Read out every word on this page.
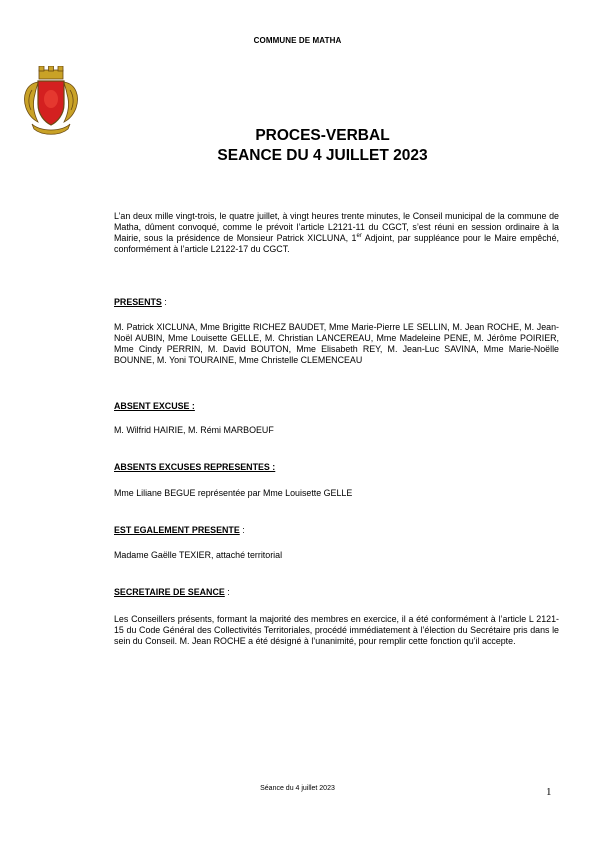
COMMUNE DE MATHA
PROCES-VERBAL
SEANCE DU 4 JUILLET 2023
L’an deux mille vingt-trois, le quatre juillet, à vingt heures trente minutes, le Conseil municipal de la commune de Matha, dûment convoqué, comme le prévoit l’article L2121-11 du CGCT, s’est réuni en session ordinaire à la Mairie, sous la présidence de Monsieur Patrick XICLUNA, 1er Adjoint, par suppléance pour le Maire empêché, conformément à l’article L2122-17 du CGCT.
PRESENTS :
M. Patrick XICLUNA, Mme Brigitte RICHEZ BAUDET, Mme Marie-Pierre LE SELLIN, M. Jean ROCHE, M. Jean-Noël AUBIN, Mme Louisette GELLE, M. Christian LANCEREAU, Mme Madeleine PENE, M. Jérôme POIRIER, Mme Cindy PERRIN, M. David BOUTON, Mme Elisabeth REY, M. Jean-Luc SAVINA, Mme Marie-Noëlle BOUNNE, M. Yoni TOURAINE, Mme Christelle CLEMENCEAU
ABSENT EXCUSE :
M. Wilfrid HAIRIE, M. Rémi MARBOEUF
ABSENTS EXCUSES REPRESENTES :
Mme Liliane BEGUE représentée par Mme Louisette GELLE
EST EGALEMENT PRESENTE :
Madame Gaëlle TEXIER, attaché territorial
SECRETAIRE DE SEANCE :
Les Conseillers présents, formant la majorité des membres en exercice, il a été conformément à l’article L 2121-15 du Code Général des Collectivités Territoriales, procédé immédiatement à l’élection du Secrétaire pris dans le sein du Conseil. M. Jean ROCHE a été désigné à l’unanimité, pour remplir cette fonction qu’il accepte.
Séance du 4 juillet 2023	1
